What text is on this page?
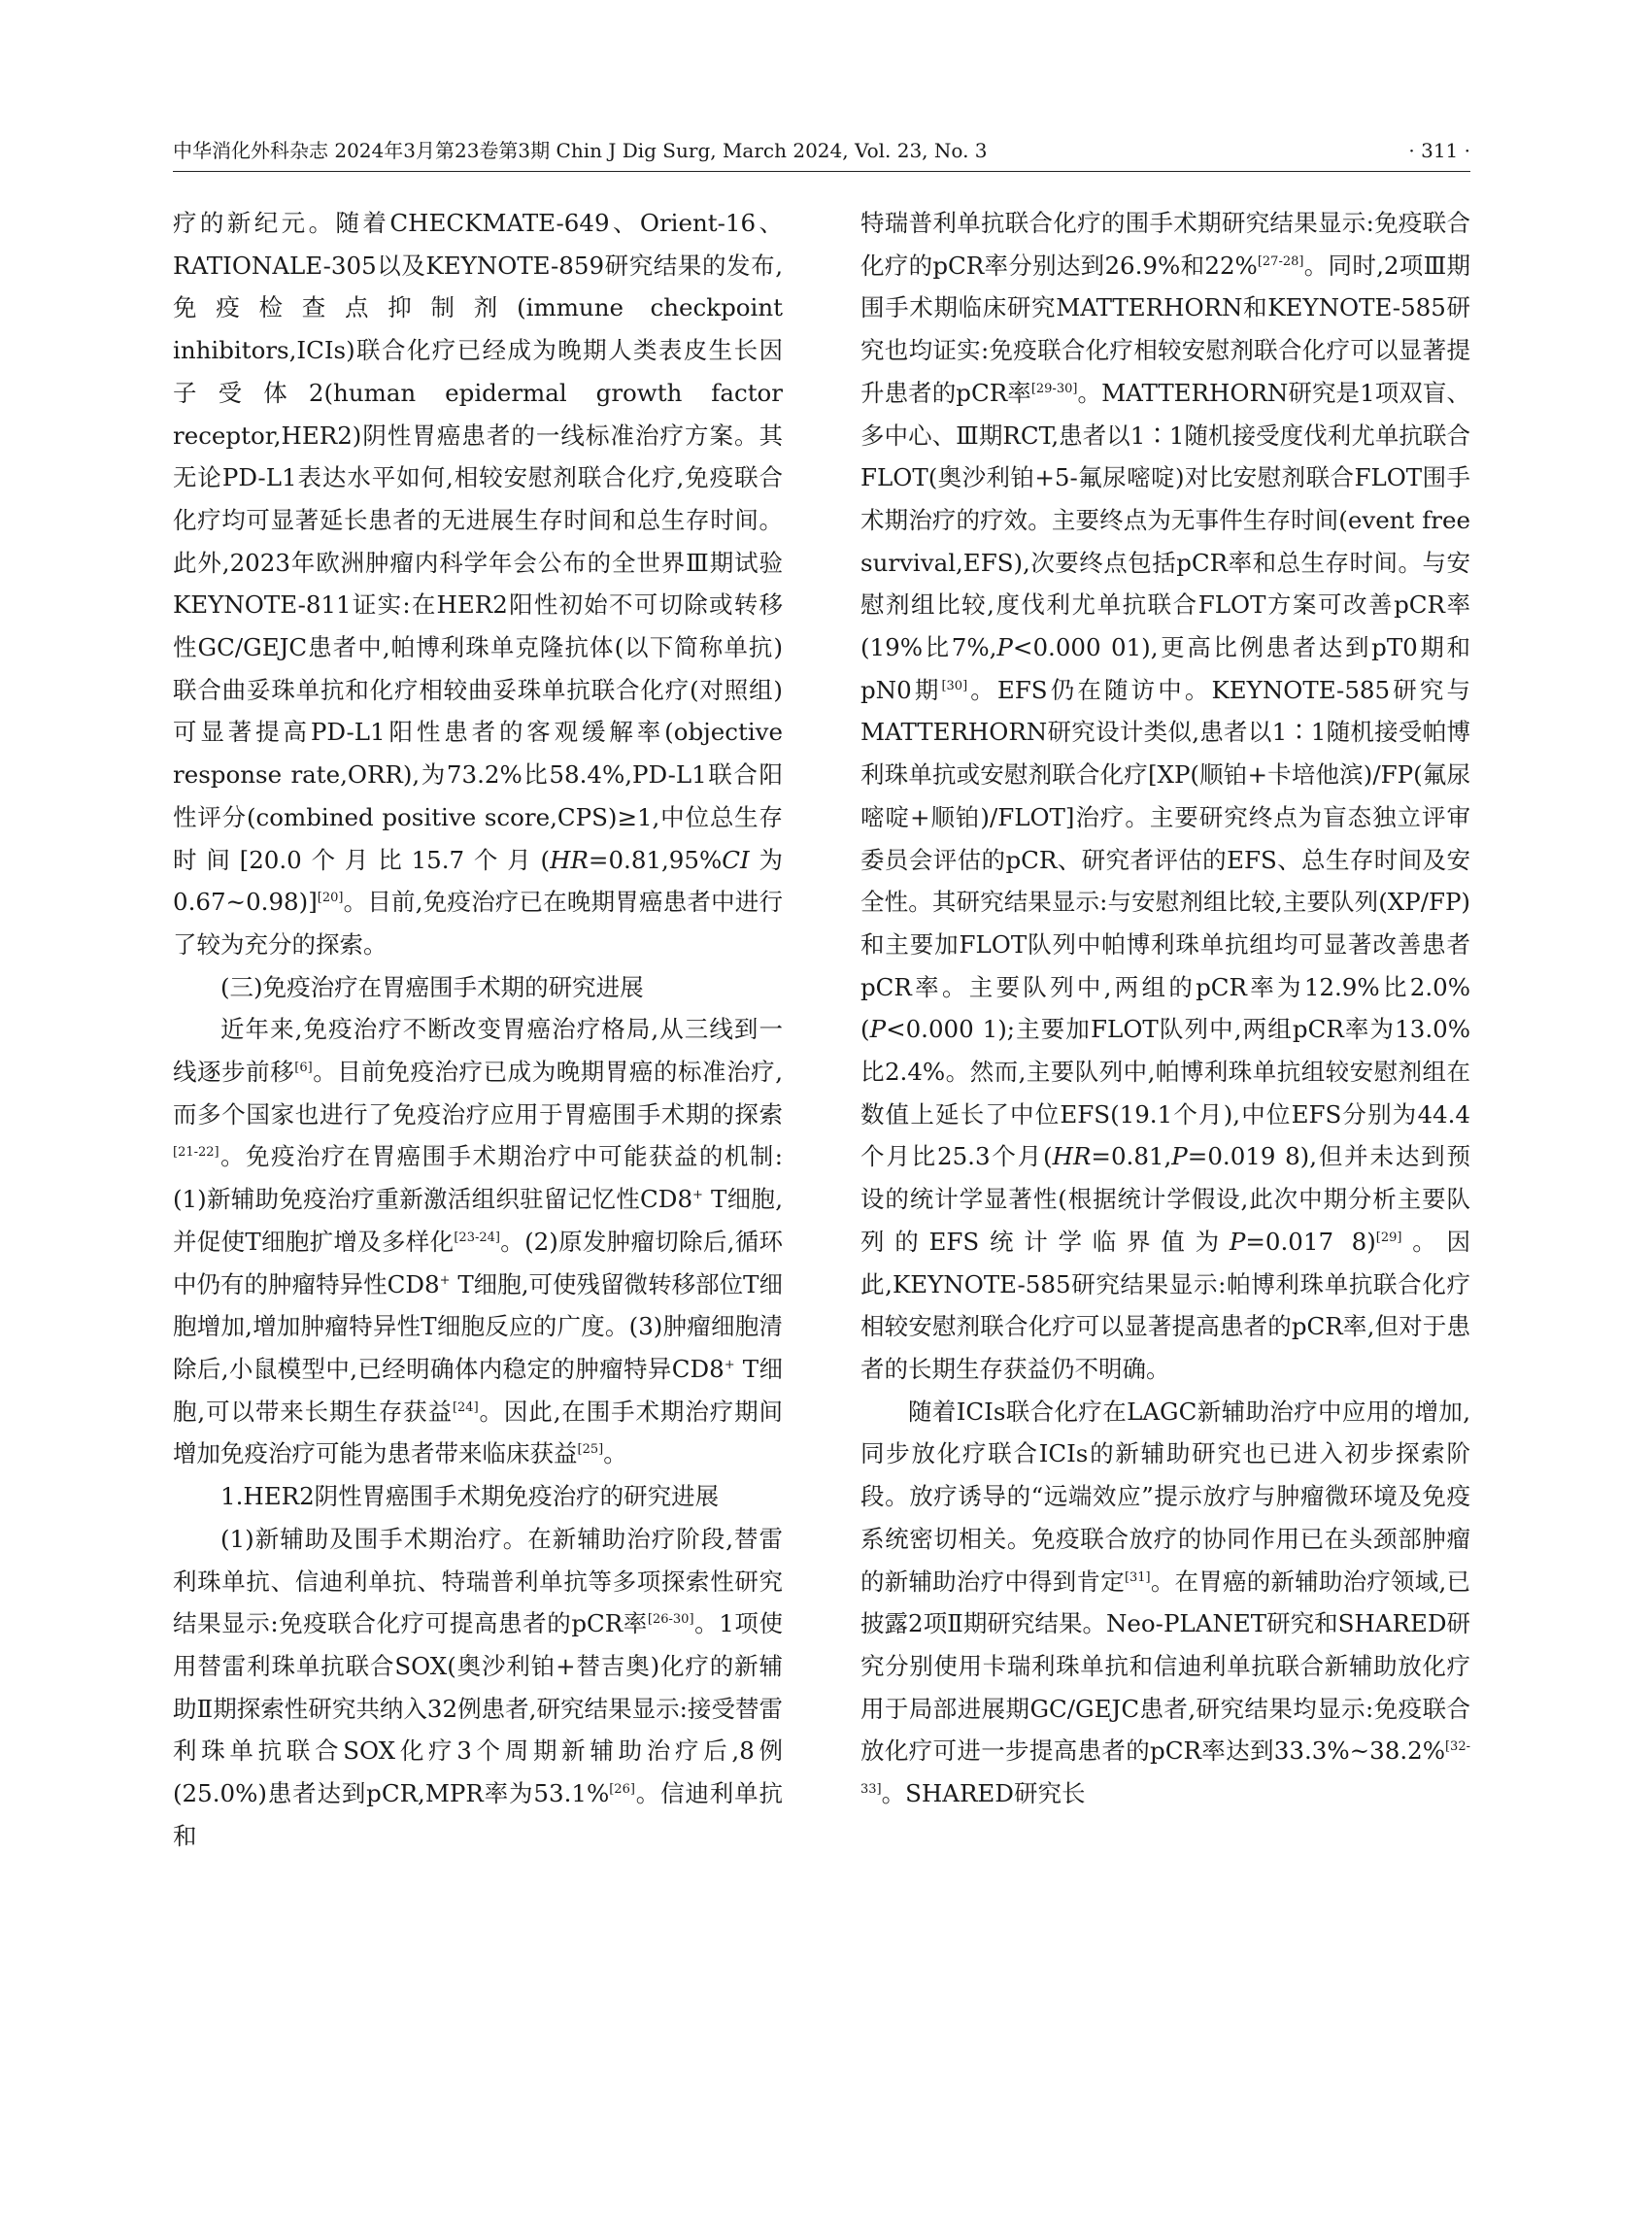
中华消化外科杂志 2024年3月第23卷第3期 Chin J Dig Surg, March 2024, Vol. 23, No. 3	· 311 ·

疗的新纪元。随着CHECKMATE-649、Orient-16、RATIONALE-305以及KEYNOTE-859研究结果的发布,免疫检查点抑制剂(immune checkpoint inhibitors,ICIs)联合化疗已经成为晚期人类表皮生长因子受体2(human epidermal growth factor receptor,HER2)阴性胃癌患者的一线标准治疗方案。其无论PD-L1表达水平如何,相较安慰剂联合化疗,免疫联合化疗均可显著延长患者的无进展生存时间和总生存时间。此外,2023年欧洲肿瘤内科学年会公布的全世界Ⅲ期试验KEYNOTE-811证实:在HER2阳性初始不可切除或转移性GC/GEJC患者中,帕博利珠单克隆抗体(以下简称单抗)联合曲妥珠单抗和化疗相较曲妥珠单抗联合化疗(对照组)可显著提高PD-L1阳性患者的客观缓解率(objective response rate,ORR),为73.2%比58.4%,PD-L1联合阳性评分(combined positive score,CPS)≥1,中位总生存时间[20.0个月比15.7个月(HR=0.81,95%CI为0.67~0.98)][20]。目前,免疫治疗已在晚期胃癌患者中进行了较为充分的探索。

(三)免疫治疗在胃癌围手术期的研究进展

近年来,免疫治疗不断改变胃癌治疗格局,从三线到一线逐步前移[6]。目前免疫治疗已成为晚期胃癌的标准治疗,而多个国家也进行了免疫治疗应用于胃癌围手术期的探索[21-22]。免疫治疗在胃癌围手术期治疗中可能获益的机制:(1)新辅助免疫治疗重新激活组织驻留记忆性CD8+ T细胞,并促使T细胞扩增及多样化[23-24]。(2)原发肿瘤切除后,循环中仍有的肿瘤特异性CD8+ T细胞,可使残留微转移部位T细胞增加,增加肿瘤特异性T细胞反应的广度。(3)肿瘤细胞清除后,小鼠模型中,已经明确体内稳定的肿瘤特异CD8+ T细胞,可以带来长期生存获益[24]。因此,在围手术期治疗期间增加免疫治疗可能为患者带来临床获益[25]。

1.HER2阴性胃癌围手术期免疫治疗的研究进展

(1)新辅助及围手术期治疗。在新辅助治疗阶段,替雷利珠单抗、信迪利单抗、特瑞普利单抗等多项探索性研究结果显示:免疫联合化疗可提高患者的pCR率[26-30]。1项使用替雷利珠单抗联合SOX(奥沙利铂+替吉奥)化疗的新辅助Ⅱ期探索性研究共纳入32例患者,研究结果显示:接受替雷利珠单抗联合SOX化疗3个周期新辅助治疗后,8例(25.0%)患者达到pCR,MPR率为53.1%[26]。信迪利单抗和

特瑞普利单抗联合化疗的围手术期研究结果显示:免疫联合化疗的pCR率分别达到26.9%和22%[27-28]。同时,2项Ⅲ期围手术期临床研究MATTERHORN和KEYNOTE-585研究也均证实:免疫联合化疗相较安慰剂联合化疗可以显著提升患者的pCR率[29-30]。MATTERHORN研究是1项双盲、多中心、Ⅲ期RCT,患者以1∶1随机接受度伐利尤单抗联合FLOT(奥沙利铂+5-氟尿嘧啶)对比安慰剂联合FLOT围手术期治疗的疗效。主要终点为无事件生存时间(event free survival,EFS),次要终点包括pCR率和总生存时间。与安慰剂组比较,度伐利尤单抗联合FLOT方案可改善pCR率(19%比7%,P<0.000 01),更高比例患者达到pT0期和pN0期[30]。EFS仍在随访中。KEYNOTE-585研究与MATTERHORN研究设计类似,患者以1∶1随机接受帕博利珠单抗或安慰剂联合化疗[XP(顺铂+卡培他滨)/FP(氟尿嘧啶+顺铂)/FLOT]治疗。主要研究终点为盲态独立评审委员会评估的pCR、研究者评估的EFS、总生存时间及安全性。其研究结果显示:与安慰剂组比较,主要队列(XP/FP)和主要加FLOT队列中帕博利珠单抗组均可显著改善患者pCR率。主要队列中,两组的pCR率为12.9%比2.0%(P<0.000 1);主要加FLOT队列中,两组pCR率为13.0%比2.4%。然而,主要队列中,帕博利珠单抗组较安慰剂组在数值上延长了中位EFS(19.1个月),中位EFS分别为44.4个月比25.3个月(HR=0.81,P=0.019 8),但并未达到预设的统计学显著性(根据统计学假设,此次中期分析主要队列的EFS统计学临界值为P=0.017 8)[29]。因此,KEYNOTE-585研究结果显示:帕博利珠单抗联合化疗相较安慰剂联合化疗可以显著提高患者的pCR率,但对于患者的长期生存获益仍不明确。

随着ICIs联合化疗在LAGC新辅助治疗中应用的增加,同步放化疗联合ICIs的新辅助研究也已进入初步探索阶段。放疗诱导的“远端效应”提示放疗与肿瘤微环境及免疫系统密切相关。免疫联合放疗的协同作用已在头颈部肿瘤的新辅助治疗中得到肯定[31]。在胃癌的新辅助治疗领域,已披露2项Ⅱ期研究结果。Neo-PLANET研究和SHARED研究分别使用卡瑞利珠单抗和信迪利单抗联合新辅助放化疗用于局部进展期GC/GEJC患者,研究结果均显示:免疫联合放化疗可进一步提高患者的pCR率达到33.3%~38.2%[32-33]。SHARED研究长
